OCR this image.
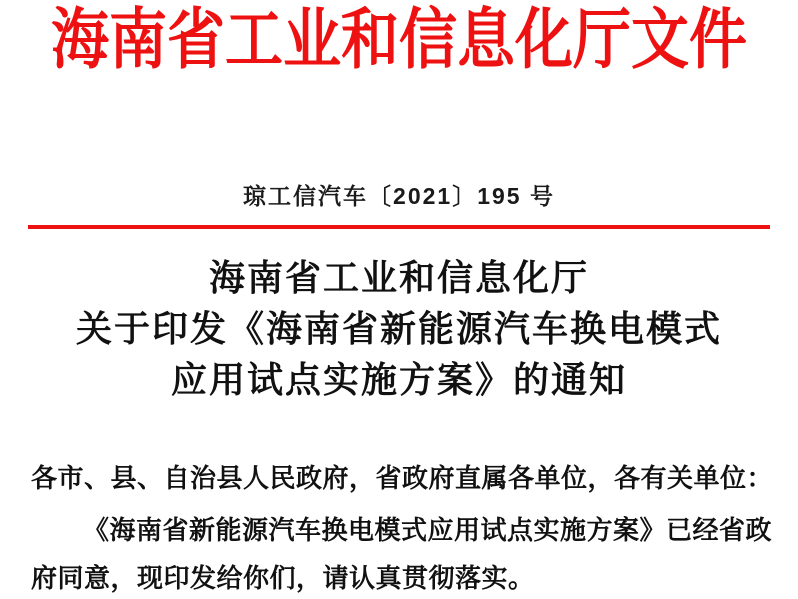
海南省工业和信息化厅文件
琼工信汽车〔2021〕195 号
海南省工业和信息化厅
关于印发《海南省新能源汽车换电模式
应用试点实施方案》的通知

各市、县、自治县人民政府，省政府直属各单位，各有关单位：

《海南省新能源汽车换电模式应用试点实施方案》已经省政

府同意，现印发给你们，请认真贯彻落实。
